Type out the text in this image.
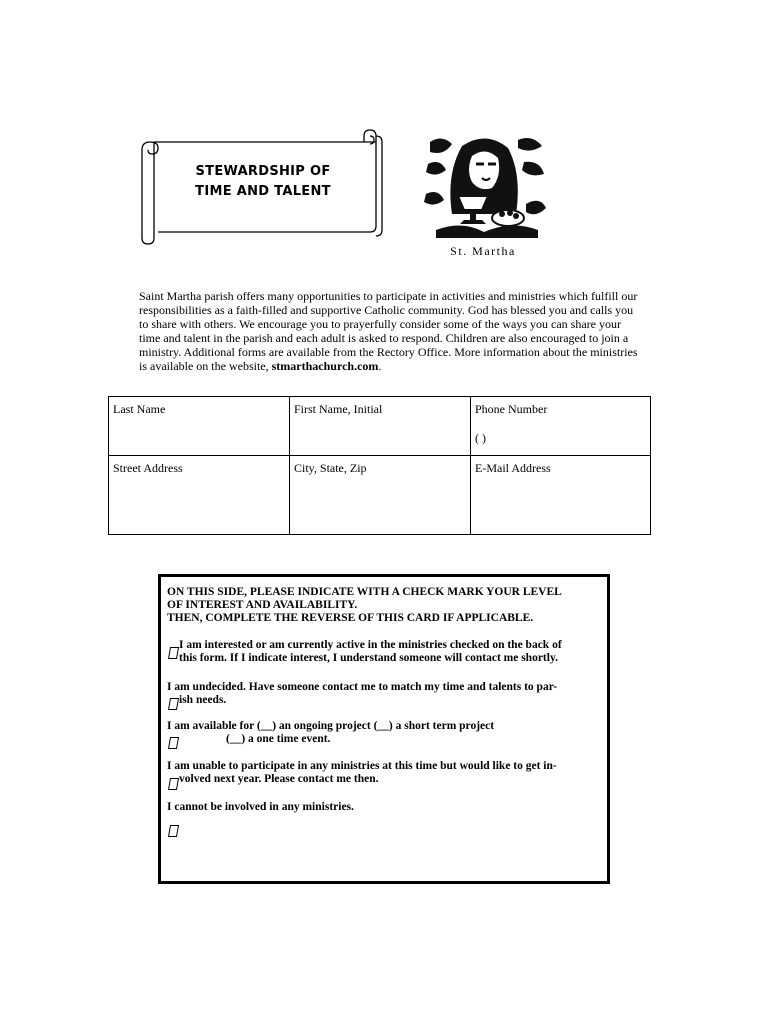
STEWARDSHIP OF
TIME AND TALENT
St. Martha
Saint Martha parish offers many opportunities to participate in activities and ministries which fulfill our responsibilities as a faith-filled and supportive Catholic community. God has blessed you and calls you to share with others. We encourage you to prayerfully consider some of the ways you can share your time and talent in the parish and each adult is asked to respond. Children are also encouraged to join a ministry. Additional forms are available from the Rectory Office. More information about the ministries is available on the website, stmarthachurch.com.
Last Name	First Name, Initial	Phone Number
( )

Street Address	City, State, Zip	E-Mail Address
ON THIS SIDE, PLEASE INDICATE WITH A CHECK MARK YOUR LEVEL
OF INTEREST AND AVAILABILITY.
THEN, COMPLETE THE REVERSE OF THIS CARD IF APPLICABLE.
I am interested or am currently active in the ministries checked on the back of
this form. If I indicate interest, I understand someone will contact me shortly.
I am undecided. Have someone contact me to match my time and talents to par-
ish needs.
I am available for (__) an ongoing project (__) a short term project
(__) a one time event.
I am unable to participate in any ministries at this time but would like to get in-
volved next year. Please contact me then.
I cannot be involved in any ministries.
